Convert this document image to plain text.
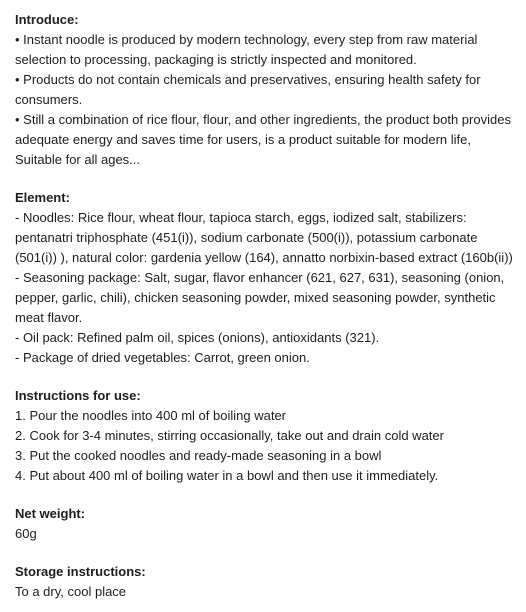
Introduce:

• Instant noodle is produced by modern technology, every step from raw material selection to processing, packaging is strictly inspected and monitored.

• Products do not contain chemicals and preservatives, ensuring health safety for consumers.

• Still a combination of rice flour, flour, and other ingredients, the product both provides adequate energy and saves time for users, is a product suitable for modern life, Suitable for all ages...

Element:

- Noodles: Rice flour, wheat flour, tapioca starch, eggs, iodized salt, stabilizers: pentanatri triphosphate (451(i)), sodium carbonate (500(i)), potassium carbonate (501(i)) ), natural color: gardenia yellow (164), annatto norbixin-based extract (160b(ii))

- Seasoning package: Salt, sugar, flavor enhancer (621, 627, 631), seasoning (onion, pepper, garlic, chili), chicken seasoning powder, mixed seasoning powder, synthetic meat flavor.

- Oil pack: Refined palm oil, spices (onions), antioxidants (321).

- Package of dried vegetables: Carrot, green onion.

Instructions for use:

1. Pour the noodles into 400 ml of boiling water

2. Cook for 3-4 minutes, stirring occasionally, take out and drain cold water

3. Put the cooked noodles and ready-made seasoning in a bowl

4. Put about 400 ml of boiling water in a bowl and then use it immediately.

Net weight:

60g

Storage instructions:

To a dry, cool place
